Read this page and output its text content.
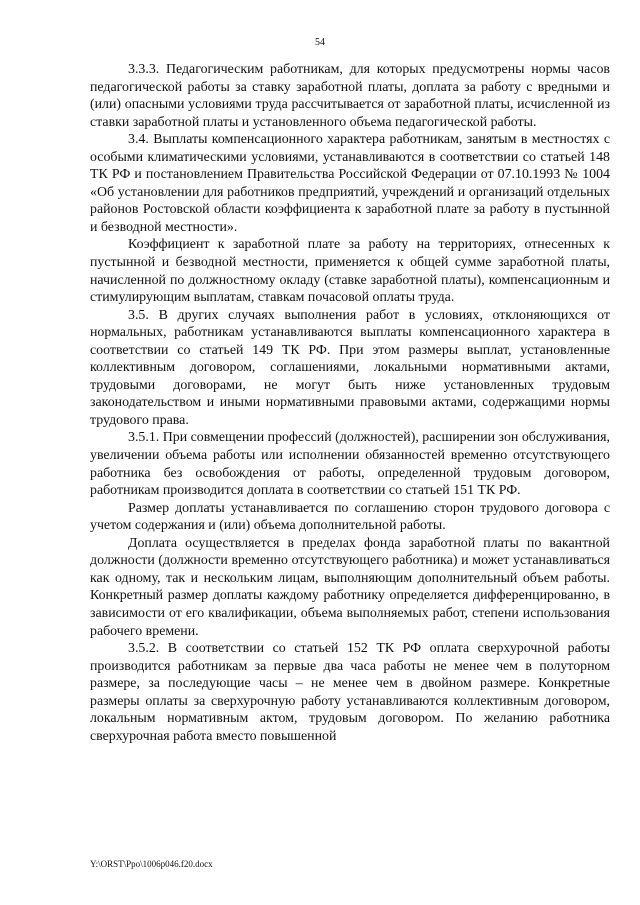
54

3.3.3. Педагогическим работникам, для которых предусмотрены нормы часов педагогической работы за ставку заработной платы, доплата за работу с вредными и (или) опасными условиями труда рассчитывается от заработной платы, исчисленной из ставки заработной платы и установленного объема педагогической работы.

3.4. Выплаты компенсационного характера работникам, занятым в местностях с особыми климатическими условиями, устанавливаются в соответствии со статьей 148 ТК РФ и постановлением Правительства Российской Федерации от 07.10.1993 № 1004 «Об установлении для работников предприятий, учреждений и организаций отдельных районов Ростовской области коэффициента к заработной плате за работу в пустынной и безводной местности».

Коэффициент к заработной плате за работу на территориях, отнесенных к пустынной и безводной местности, применяется к общей сумме заработной платы, начисленной по должностному окладу (ставке заработной платы), компенсационным и стимулирующим выплатам, ставкам почасовой оплаты труда.

3.5. В других случаях выполнения работ в условиях, отклоняющихся от нормальных, работникам устанавливаются выплаты компенсационного характера в соответствии со статьей 149 ТК РФ. При этом размеры выплат, установленные коллективным договором, соглашениями, локальными нормативными актами, трудовыми договорами, не могут быть ниже установленных трудовым законодательством и иными нормативными правовыми актами, содержащими нормы трудового права.

3.5.1. При совмещении профессий (должностей), расширении зон обслуживания, увеличении объема работы или исполнении обязанностей временно отсутствующего работника без освобождения от работы, определенной трудовым договором, работникам производится доплата в соответствии со статьей 151 ТК РФ.

Размер доплаты устанавливается по соглашению сторон трудового договора с учетом содержания и (или) объема дополнительной работы.

Доплата осуществляется в пределах фонда заработной платы по вакантной должности (должности временно отсутствующего работника) и может устанавливаться как одному, так и нескольким лицам, выполняющим дополнительный объем работы. Конкретный размер доплаты каждому работнику определяется дифференцированно, в зависимости от его квалификации, объема выполняемых работ, степени использования рабочего времени.

3.5.2. В соответствии со статьей 152 ТК РФ оплата сверхурочной работы производится работникам за первые два часа работы не менее чем в полуторном размере, за последующие часы – не менее чем в двойном размере. Конкретные размеры оплаты за сверхурочную работу устанавливаются коллективным договором, локальным нормативным актом, трудовым договором. По желанию работника сверхурочная работа вместо повышенной

Y:\ORST\Ppo\1006p046.f20.docx
